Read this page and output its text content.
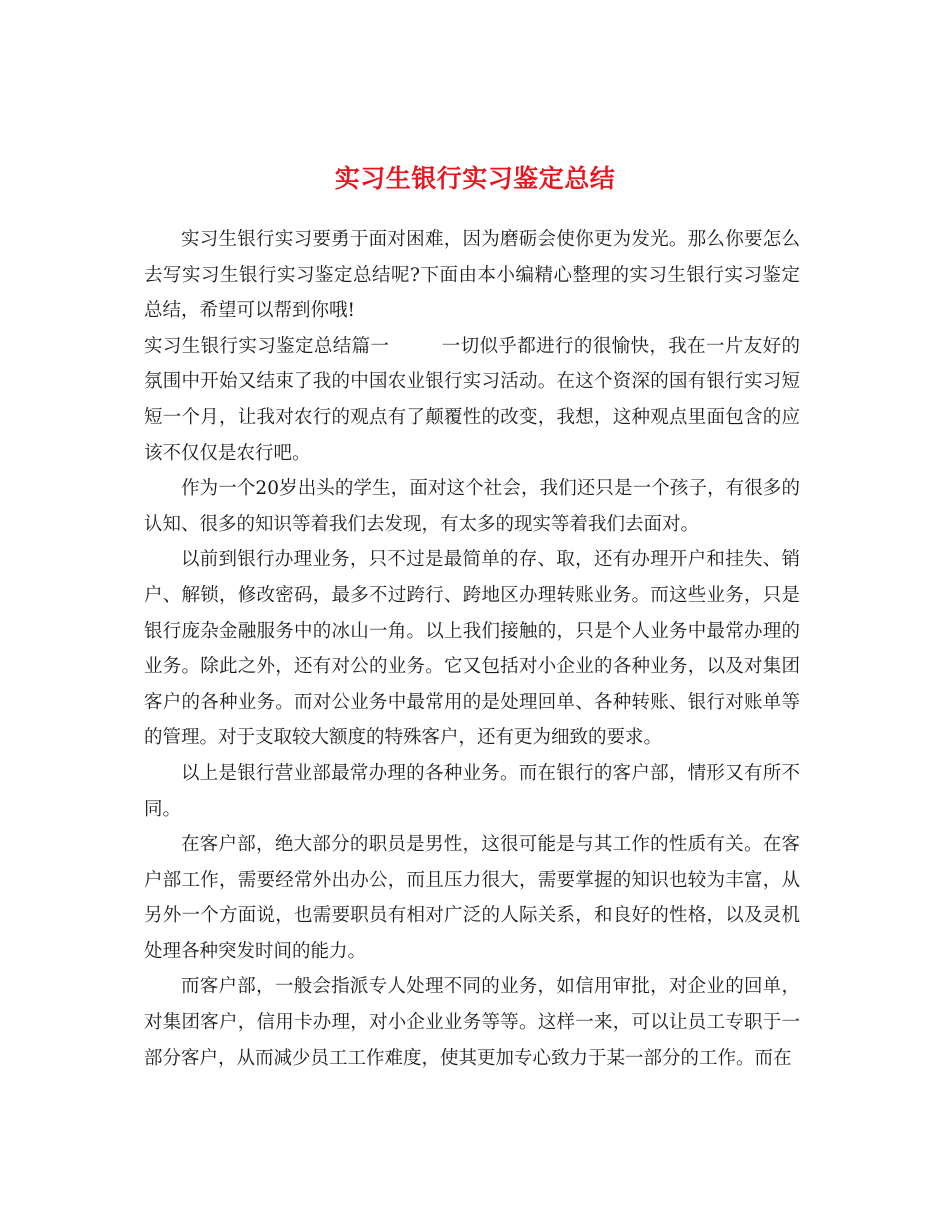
实习生银行实习鉴定总结

实习生银行实习要勇于面对困难，因为磨砺会使你更为发光。那么你要怎么去写实习生银行实习鉴定总结呢?下面由本小编精心整理的实习生银行实习鉴定总结，希望可以帮到你哦!

实习生银行实习鉴定总结篇一	一切似乎都进行的很愉快，我在一片友好的氛围中开始又结束了我的中国农业银行实习活动。在这个资深的国有银行实习短短一个月，让我对农行的观点有了颠覆性的改变，我想，这种观点里面包含的应该不仅仅是农行吧。

作为一个20岁出头的学生，面对这个社会，我们还只是一个孩子，有很多的认知、很多的知识等着我们去发现，有太多的现实等着我们去面对。

以前到银行办理业务，只不过是最简单的存、取，还有办理开户和挂失、销户、解锁，修改密码，最多不过跨行、跨地区办理转账业务。而这些业务，只是银行庞杂金融服务中的冰山一角。以上我们接触的，只是个人业务中最常办理的业务。除此之外，还有对公的业务。它又包括对小企业的各种业务，以及对集团客户的各种业务。而对公业务中最常用的是处理回单、各种转账、银行对账单等的管理。对于支取较大额度的特殊客户，还有更为细致的要求。

以上是银行营业部最常办理的各种业务。而在银行的客户部，情形又有所不同。

在客户部，绝大部分的职员是男性，这很可能是与其工作的性质有关。在客户部工作，需要经常外出办公，而且压力很大，需要掌握的知识也较为丰富，从另外一个方面说，也需要职员有相对广泛的人际关系，和良好的性格，以及灵机处理各种突发时间的能力。

而客户部，一般会指派专人处理不同的业务，如信用审批，对企业的回单，对集团客户，信用卡办理，对小企业业务等等。这样一来，可以让员工专职于一部分客户，从而减少员工工作难度，使其更加专心致力于某一部分的工作。而在
